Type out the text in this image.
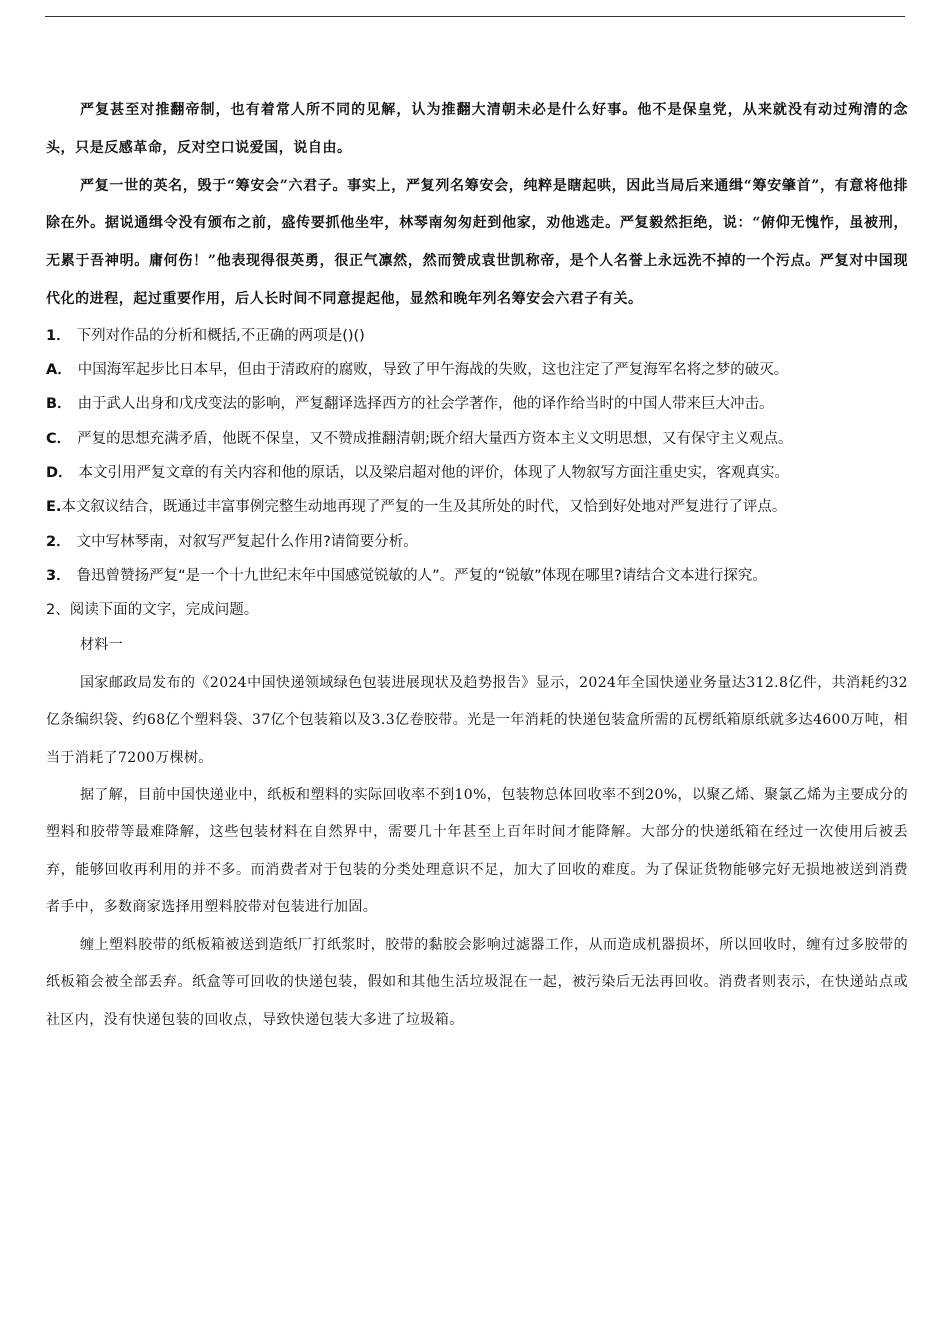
严复甚至对推翻帝制，也有着常人所不同的见解，认为推翻大清朝未必是什么好事。他不是保皇党，从来就没有动过殉清的念头，只是反感革命，反对空口说爱国，说自由。

严复一世的英名，毁于“筹安会”六君子。事实上，严复列名筹安会，纯粹是瞎起哄，因此当局后来通缉“筹安肇首”，有意将他排除在外。据说通缉令没有颁布之前，盛传要抓他坐牢，林琴南匆匆赶到他家，劝他逃走。严复毅然拒绝，说：“俯仰无愧怍，虽被刑，无累于吾神明。庸何伤！”他表现得很英勇，很正气凛然，然而赞成袁世凯称帝，是个人名誉上永远洗不掉的一个污点。严复对中国现代化的进程，起过重要作用，后人长时间不同意提起他，显然和晚年列名筹安会六君子有关。

1． 下列对作品的分析和概括,不正确的两项是()()

A． 中国海军起步比日本早，但由于清政府的腐败，导致了甲午海战的失败，这也注定了严复海军名将之梦的破灭。

B． 由于武人出身和戊戌变法的影响，严复翻译选择西方的社会学著作，他的译作给当时的中国人带来巨大冲击。

C． 严复的思想充满矛盾，他既不保皇，又不赞成推翻清朝;既介绍大量西方资本主义文明思想，又有保守主义观点。

D． 本文引用严复文章的有关内容和他的原话，以及梁启超对他的评价，体现了人物叙写方面注重史实，客观真实。

E.本文叙议结合，既通过丰富事例完整生动地再现了严复的一生及其所处的时代，又恰到好处地对严复进行了评点。

2． 文中写林琴南，对叙写严复起什么作用?请简要分析。

3． 鲁迅曾赞扬严复“是一个十九世纪末年中国感觉锐敏的人”。严复的“锐敏”体现在哪里?请结合文本进行探究。

2、阅读下面的文字，完成问题。

材料一

国家邮政局发布的《2024中国快递领域绿色包装进展现状及趋势报告》显示，2024年全国快递业务量达312.8亿件，共消耗约32亿条编织袋、约68亿个塑料袋、37亿个包装箱以及3.3亿卷胶带。光是一年消耗的快递包装盒所需的瓦楞纸箱原纸就多达4600万吨，相当于消耗了7200万棵树。

据了解，目前中国快递业中，纸板和塑料的实际回收率不到10%，包装物总体回收率不到20%，以聚乙烯、聚氯乙烯为主要成分的塑料和胶带等最难降解，这些包装材料在自然界中，需要几十年甚至上百年时间才能降解。大部分的快递纸箱在经过一次使用后被丢弃，能够回收再利用的并不多。而消费者对于包装的分类处理意识不足，加大了回收的难度。为了保证货物能够完好无损地被送到消费者手中，多数商家选择用塑料胶带对包装进行加固。

缠上塑料胶带的纸板箱被送到造纸厂打纸浆时，胶带的黏胶会影响过滤器工作，从而造成机器损坏，所以回收时，缠有过多胶带的纸板箱会被全部丢弃。纸盒等可回收的快递包装，假如和其他生活垃圾混在一起，被污染后无法再回收。消费者则表示，在快递站点或社区内，没有快递包装的回收点，导致快递包装大多进了垃圾箱。
